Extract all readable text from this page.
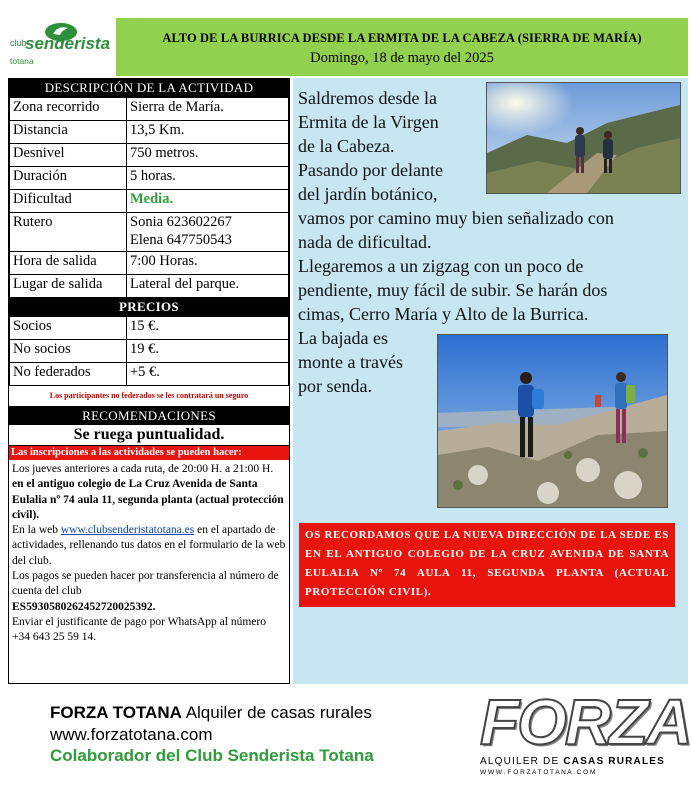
club
senderista
totana
ALTO DE LA BURRICA DESDE LA ERMITA DE LA CABEZA (SIERRA DE MARÍA)
Domingo, 18 de mayo del 2025
DESCRIPCIÓN DE LA ACTIVIDAD
Zona recorrido	Sierra de María.
Distancia	13,5 Km.
Desnivel	750 metros.
Duración	5 horas.
Dificultad	Media.
Rutero	Sonia 623602267
Elena 647750543

Hora de salida	7:00 Horas.
Lugar de salida	Lateral del parque.
PRECIOS
Socios	15 €.
No socios	19 €.
No federados	+5 €.
Los participantes no federados se les contratará un seguro
RECOMENDACIONES
Se ruega puntualidad.
Las inscripciones a las actividades se pueden hacer:
Los jueves anteriores a cada ruta, de 20:00 H. a 21:00 H. en el antiguo colegio de La Cruz Avenida de Santa Eulalia nº 74 aula 11, segunda planta (actual protección civil).
En la web www.clubsenderistatotana.es en el apartado de actividades, rellenando tus datos en el formulario de la web del club.
Los pagos se pueden hacer por transferencia al número de cuenta del club
ES5930580262452720025392.
Enviar el justificante de pago por WhatsApp al número +34 643 25 59 14.
Saldremos desde la
Ermita de la Virgen
de la Cabeza.
Pasando por delante
del jardín botánico,
vamos por camino muy bien señalizado con
nada de dificultad.
Llegaremos a un zigzag con un poco de
pendiente, muy fácil de subir. Se harán dos
cimas, Cerro María y Alto de la Burrica.
La bajada es
monte a través
por senda.
OS RECORDAMOS QUE LA NUEVA DIRECCIÓN DE LA SEDE ES EN EL ANTIGUO COLEGIO DE LA CRUZ AVENIDA DE SANTA EULALIA Nº 74 AULA 11, SEGUNDA PLANTA (ACTUAL PROTECCIÓN CIVIL).
FORZA TOTANA Alquiler de casas rurales
www.forzatotana.com
Colaborador del Club Senderista Totana FORZA
ALQUILER DE CASAS RURALES
W W W . F O R Z A T O T A N A . C O M
